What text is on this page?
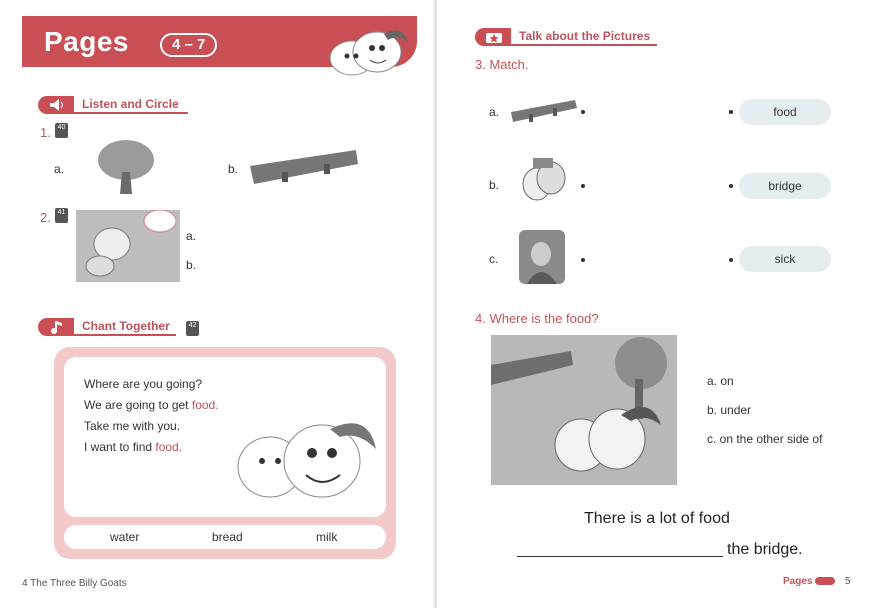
Pages	4 – 7
Listen and Circle
1. 40
a.	b.
2. 41
a.
b.
Chant Together	42
Where are you going?
We are going to get food.
Take me with you.
I want to find food.
water	bread	milk
4 The Three Billy Goats
Talk about the Pictures
3. Match.
a.	food
b.	bridge
c.	sick
4. Where is the food?
a. on
b. under
c. on the other side of
There is a lot of food
the bridge.
Pages	5
